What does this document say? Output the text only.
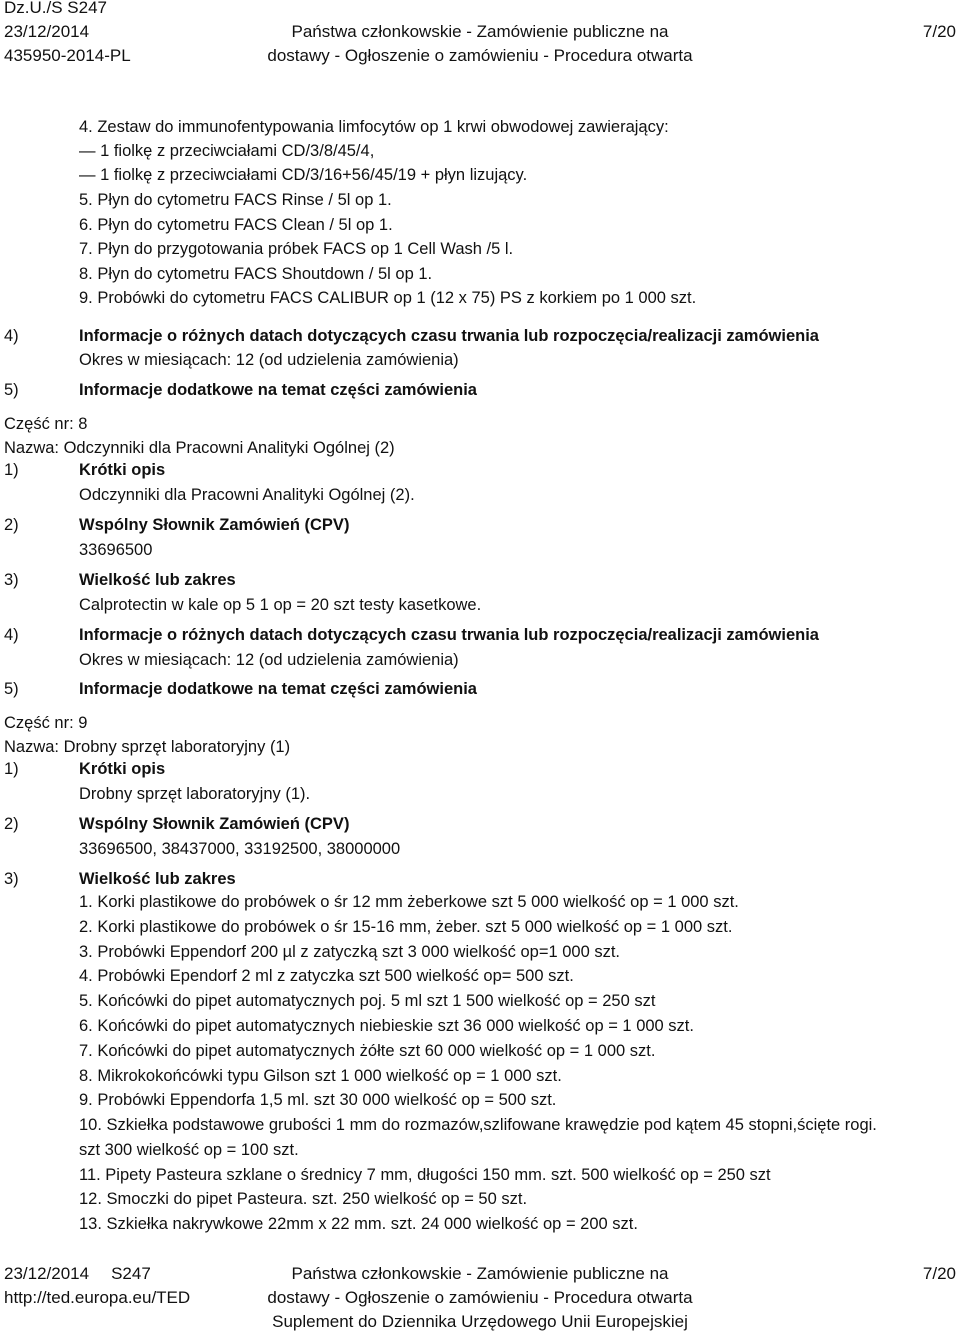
Dz.U./S S247
23/12/2014
435950-2014-PL
Państwa członkowskie - Zamówienie publiczne na
dostawy - Ogłoszenie o zamówieniu - Procedura otwarta
7/20
4. Zestaw do immunofentypowania limfocytów op 1 krwi obwodowej zawierający:
— 1 fiolkę z przeciwciałami CD/3/8/45/4,
— 1 fiolkę z przeciwciałami CD/3/16+56/45/19 + płyn lizujący.
5. Płyn do cytometru FACS Rinse / 5l op 1.
6. Płyn do cytometru FACS Clean / 5l op 1.
7. Płyn do przygotowania próbek FACS op 1 Cell Wash /5 l.
8. Płyn do cytometru FACS Shoutdown / 5l op 1.
9. Probówki do cytometru FACS CALIBUR op 1 (12 x 75) PS z korkiem po 1 000 szt.
4)	Informacje o różnych datach dotyczących czasu trwania lub rozpoczęcia/realizacji zamówienia
Okres w miesiącach: 12 (od udzielenia zamówienia)
5)	Informacje dodatkowe na temat części zamówienia
Część nr: 8
Nazwa: Odczynniki dla Pracowni Analityki Ogólnej (2)
1)	Krótki opis
Odczynniki dla Pracowni Analityki Ogólnej (2).
2)	Wspólny Słownik Zamówień (CPV)
33696500
3)	Wielkość lub zakres
Calprotectin w kale op 5 1 op = 20 szt testy kasetkowe.
4)	Informacje o różnych datach dotyczących czasu trwania lub rozpoczęcia/realizacji zamówienia
Okres w miesiącach: 12 (od udzielenia zamówienia)
5)	Informacje dodatkowe na temat części zamówienia
Część nr: 9
Nazwa: Drobny sprzęt laboratoryjny (1)
1)	Krótki opis
Drobny sprzęt laboratoryjny (1).
2)	Wspólny Słownik Zamówień (CPV)
33696500, 38437000, 33192500, 38000000
3)	Wielkość lub zakres
1. Korki plastikowe do probówek o śr 12 mm żeberkowe szt 5 000 wielkość op = 1 000 szt.
2. Korki plastikowe do probówek o śr 15-16 mm, żeber. szt 5 000 wielkość op = 1 000 szt.
3. Probówki Eppendorf 200 µl z zatyczką szt 3 000 wielkość op=1 000 szt.
4. Probówki Ependorf 2 ml z zatyczka szt 500 wielkość op= 500 szt.
5. Końcówki do pipet automatycznych poj. 5 ml szt 1 500 wielkość op = 250 szt
6. Końcówki do pipet automatycznych niebieskie szt 36 000 wielkość op = 1 000 szt.
7. Końcówki do pipet automatycznych żółte szt 60 000 wielkość op = 1 000 szt.
8. Mikrokokońcówki typu Gilson szt 1 000 wielkość op = 1 000 szt.
9. Probówki Eppendorfa 1,5 ml. szt 30 000 wielkość op = 500 szt.
10. Szkiełka podstawowe grubości 1 mm do rozmazów,szlifowane krawędzie pod kątem 45 stopni,ścięte rogi.
szt 300 wielkość op = 100 szt.
11. Pipety Pasteura szklane o średnicy 7 mm, długości 150 mm. szt. 500 wielkość op = 250 szt
12. Smoczki do pipet Pasteura. szt. 250 wielkość op = 50 szt.
13. Szkiełka nakrywkowe 22mm x 22 mm. szt. 24 000 wielkość op = 200 szt.
23/12/2014 S247
http://ted.europa.eu/TED
Państwa członkowskie - Zamówienie publiczne na
dostawy - Ogłoszenie o zamówieniu - Procedura otwarta
Suplement do Dziennika Urzędowego Unii Europejskiej
7/20
